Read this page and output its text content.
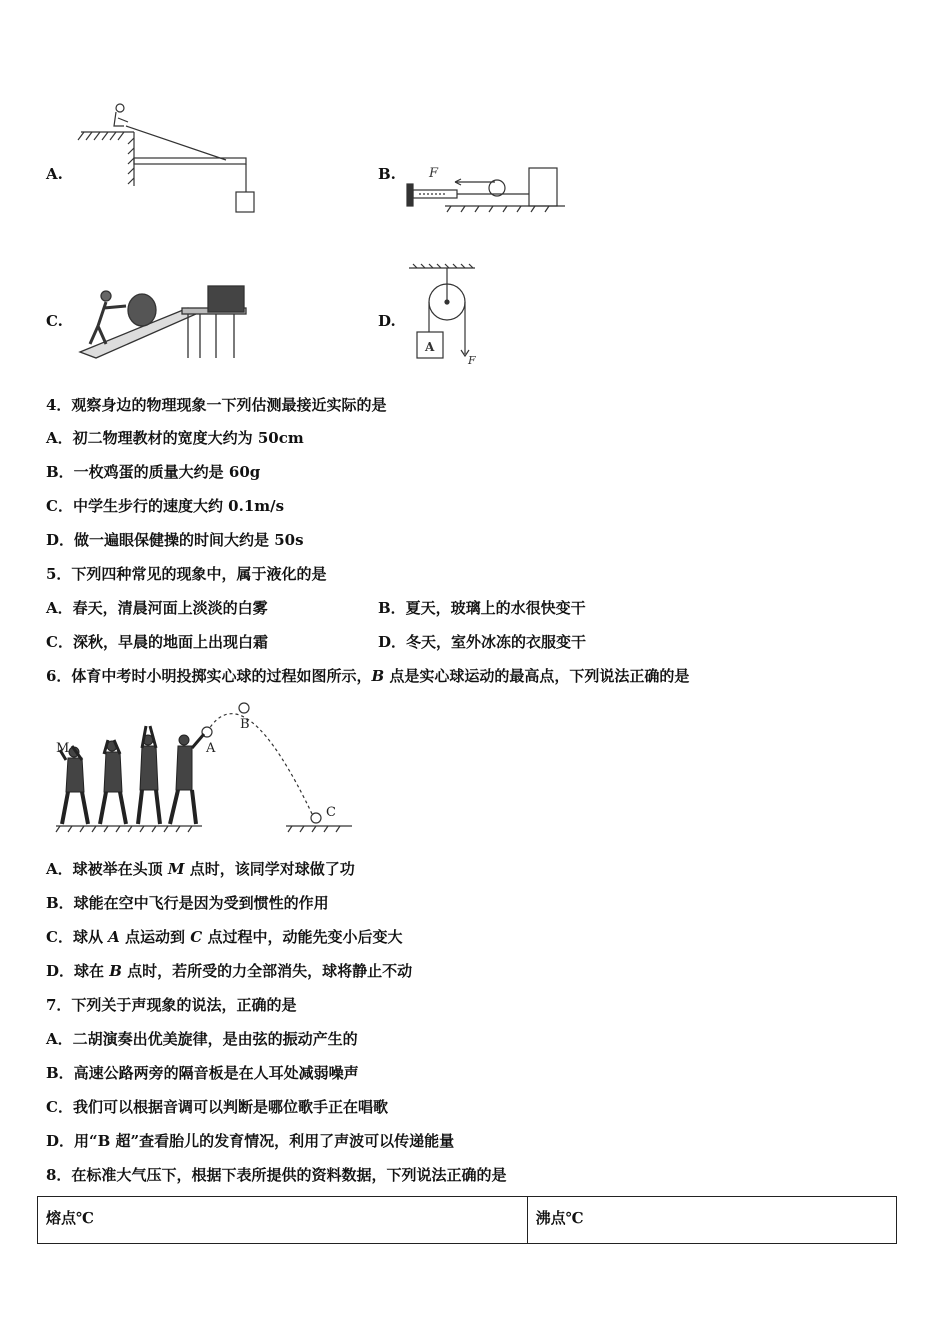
A.	B.	F
C.	D.
A
F
4．观察身边的物理现象一下列估测最接近实际的是
A．初二物理教材的宽度大约为 50cm
B．一枚鸡蛋的质量大约是 60g
C．中学生步行的速度大约 0.1m/s
D．做一遍眼保健操的时间大约是 50s
5．下列四种常见的现象中，属于液化的是
A．春天，清晨河面上淡淡的白雾	B．夏天，玻璃上的水很快变干
C．深秋，早晨的地面上出现白霜	D．冬天，室外冰冻的衣服变干
6．体育中考时小明投掷实心球的过程如图所示，B 点是实心球运动的最高点，下列说法正确的是
M	A
B
C
A．球被举在头顶 M 点时，该同学对球做了功
B．球能在空中飞行是因为受到惯性的作用
C．球从 A 点运动到 C 点过程中，动能先变小后变大
D．球在 B 点时，若所受的力全部消失，球将静止不动
7．下列关于声现象的说法，正确的是
A．二胡演奏出优美旋律，是由弦的振动产生的
B．高速公路两旁的隔音板是在人耳处减弱噪声
C．我们可以根据音调可以判断是哪位歌手正在唱歌
D．用“B 超”查看胎儿的发育情况，利用了声波可以传递能量
8．在标准大气压下，根据下表所提供的资料数据，下列说法正确的是
熔点℃	沸点℃
